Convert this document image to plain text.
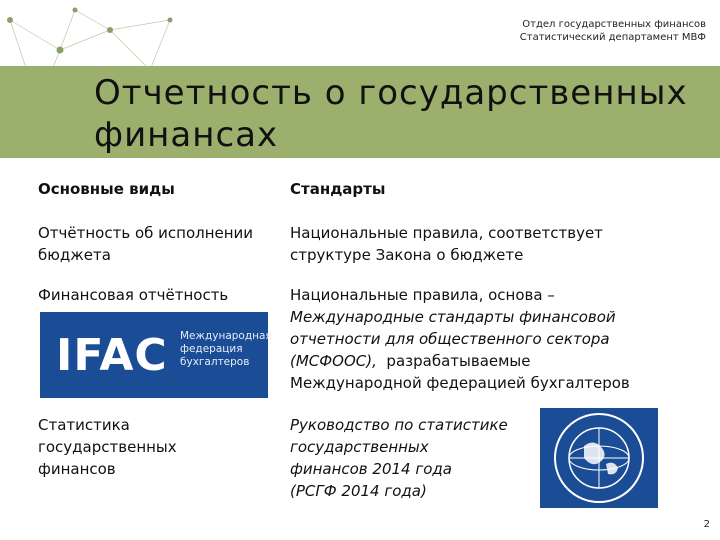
Отдел государственных финансов
Статистический департамент МВФ
Отчетность о государственных
финансах
Основные виды	Стандарты
Отчётность об исполнении
бюджета
Национальные правила, соответствует
структуре Закона о бюджете
Финансовая отчётность	Национальные правила, основа –
Международные стандарты финансовой
отчетности для общественного сектора
(МСФООС),  разрабатываемые
Международной федерацией бухгалтеров
IFAC Международная
федерация
бухгалтеров
Статистика
государственных
финансов
Руководство по статистике
государственных
финансов 2014 года
(РСГФ 2014 года)
2
